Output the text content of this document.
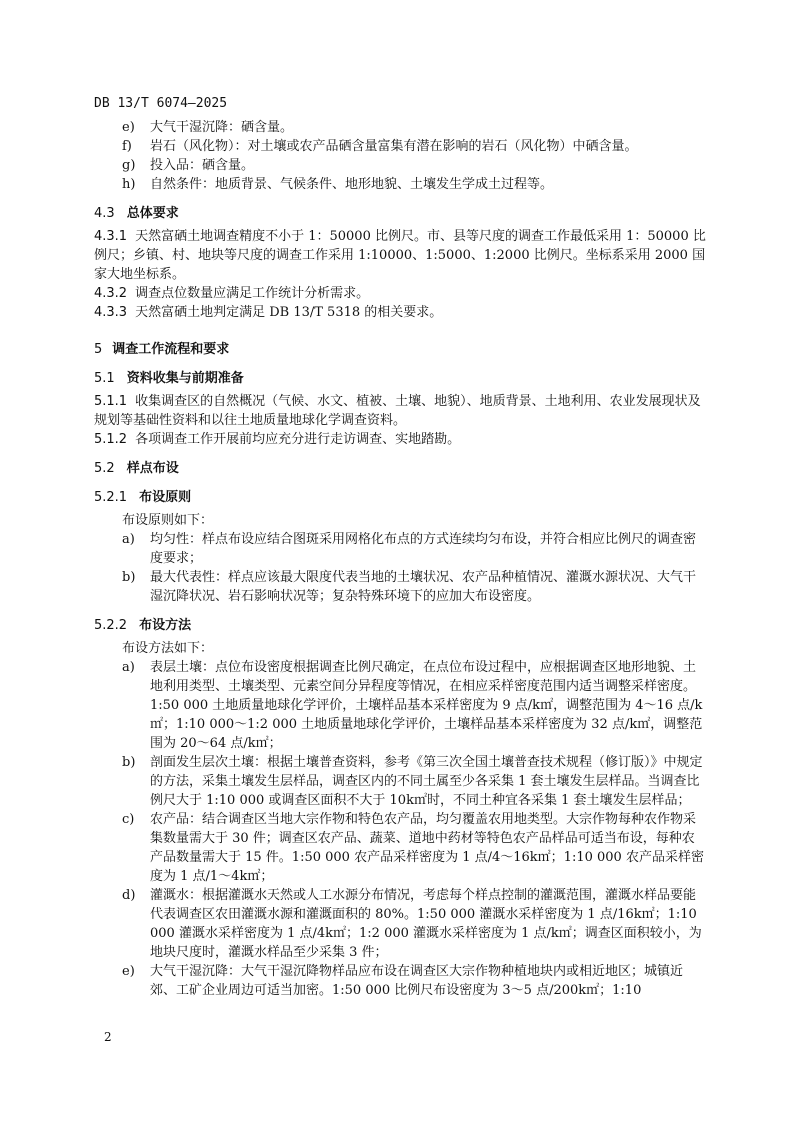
DB 13/T 6074—2025
e)	大气干湿沉降：硒含量。
f)	岩石（风化物）：对土壤或农产品硒含量富集有潜在影响的岩石（风化物）中硒含量。
g)	投入品：硒含量。
h)	自然条件：地质背景、气候条件、地形地貌、土壤发生学成土过程等。
4.3 总体要求

4.3.1 天然富硒土地调查精度不小于 1：50000 比例尺。市、县等尺度的调查工作最低采用 1：50000 比例尺；乡镇、村、地块等尺度的调查工作采用 1:10000、1:5000、1:2000 比例尺。坐标系采用 2000 国家大地坐标系。

4.3.2 调查点位数量应满足工作统计分析需求。

4.3.3 天然富硒土地判定满足 DB 13/T 5318 的相关要求。

5 调查工作流程和要求
5.1 资料收集与前期准备

5.1.1 收集调查区的自然概况（气候、水文、植被、土壤、地貌）、地质背景、土地利用、农业发展现状及规划等基础性资料和以往土地质量地球化学调查资料。

5.1.2 各项调查工作开展前均应充分进行走访调查、实地踏勘。

5.2 样点布设
5.2.1 布设原则

布设原则如下：

a)	均匀性：样点布设应结合图斑采用网格化布点的方式连续均匀布设，并符合相应比例尺的调查密度要求；
b)	最大代表性：样点应该最大限度代表当地的土壤状况、农产品种植情况、灌溉水源状况、大气干湿沉降状况、岩石影响状况等；复杂特殊环境下的应加大布设密度。
5.2.2 布设方法

布设方法如下：

a)	表层土壤：点位布设密度根据调查比例尺确定，在点位布设过程中，应根据调查区地形地貌、土地利用类型、土壤类型、元素空间分异程度等情况，在相应采样密度范围内适当调整采样密度。1:50 000 土地质量地球化学评价，土壤样品基本采样密度为 9 点/k㎡，调整范围为 4～16 点/k㎡；1:10 000～1:2 000 土地质量地球化学评价，土壤样品基本采样密度为 32 点/k㎡，调整范围为 20～64 点/k㎡；
b)	剖面发生层次土壤：根据土壤普查资料，参考《第三次全国土壤普查技术规程（修订版）》中规定的方法，采集土壤发生层样品，调查区内的不同土属至少各采集 1 套土壤发生层样品。当调查比例尺大于 1:10 000 或调查区面积不大于 10k㎡时，不同土种宜各采集 1 套土壤发生层样品；
c)	农产品：结合调查区当地大宗作物和特色农产品，均匀覆盖农用地类型。大宗作物每种农作物采集数量需大于 30 件；调查区农产品、蔬菜、道地中药材等特色农产品样品可适当布设，每种农产品数量需大于 15 件。1:50 000 农产品采样密度为 1 点/4～16k㎡；1:10 000 农产品采样密度为 1 点/1～4k㎡；
d)	灌溉水：根据灌溉水天然或人工水源分布情况，考虑每个样点控制的灌溉范围，灌溉水样品要能代表调查区农田灌溉水源和灌溉面积的 80%。1:50 000 灌溉水采样密度为 1 点/16k㎡；1:10 000 灌溉水采样密度为 1 点/4k㎡；1:2 000 灌溉水采样密度为 1 点/k㎡；调查区面积较小，为地块尺度时，灌溉水样品至少采集 3 件；
e)	大气干湿沉降：大气干湿沉降物样品应布设在调查区大宗作物种植地块内或相近地区；城镇近郊、工矿企业周边可适当加密。1:50 000 比例尺布设密度为 3～5 点/200k㎡；1:10
2
